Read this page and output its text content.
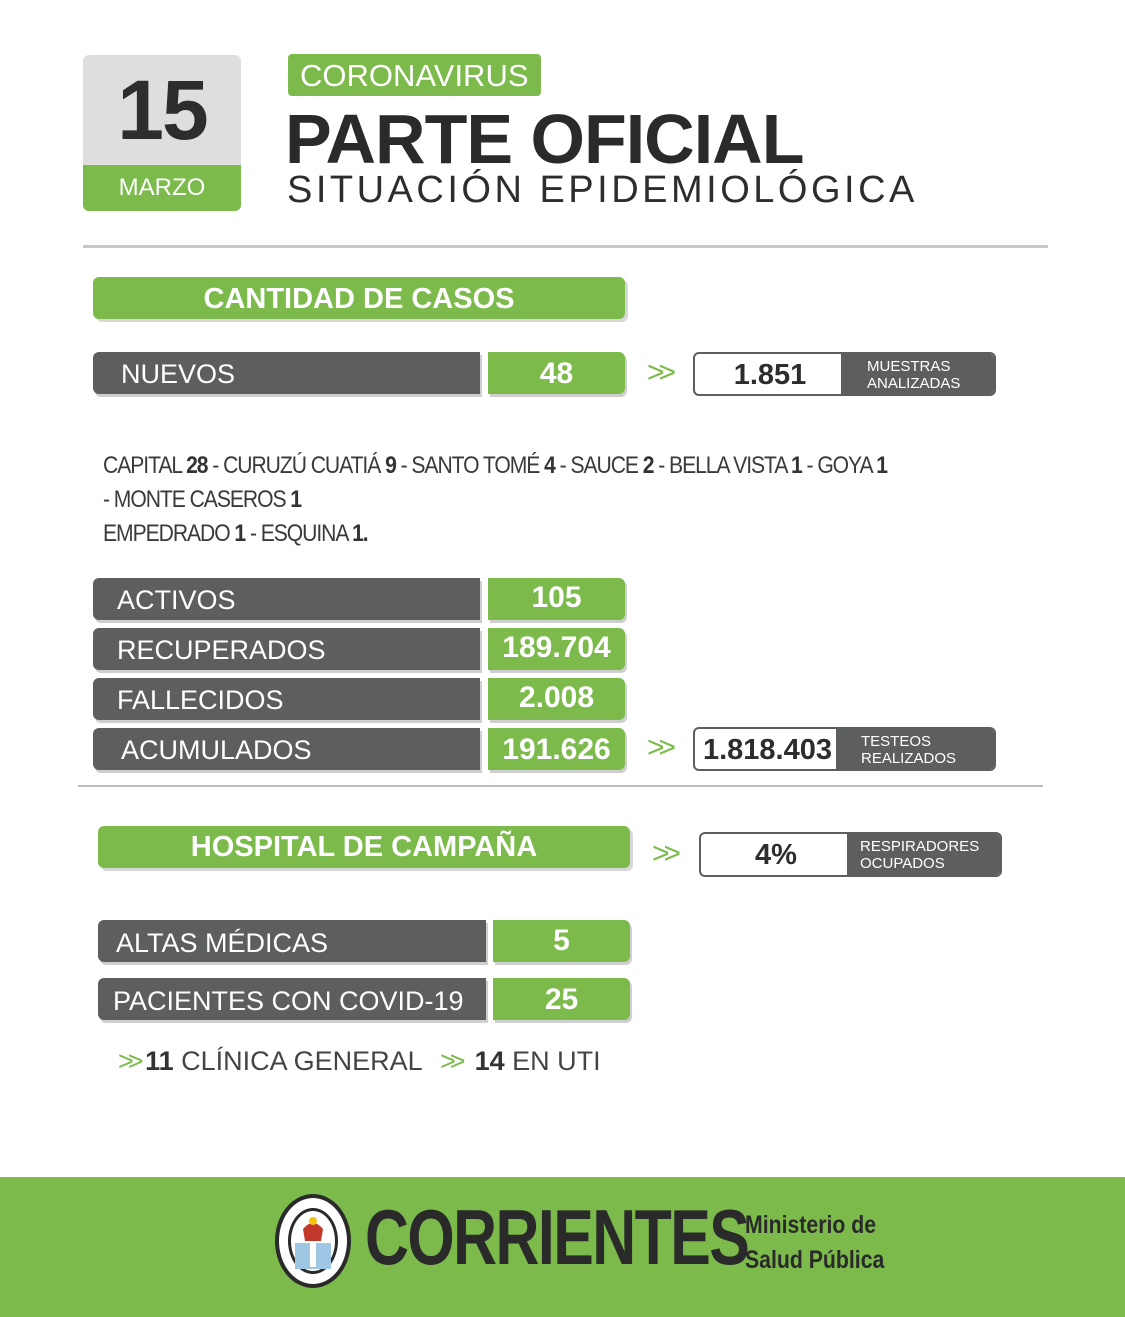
15
MARZO
CORONAVIRUS
PARTE OFICIAL
SITUACIÓN EPIDEMIOLÓGICA
CANTIDAD DE CASOS
NUEVOS	48	>>	1.851	MUESTRAS
ANALIZADAS
CAPITAL 28 - CURUZÚ CUATIÁ 9 - SANTO TOMÉ 4 - SAUCE 2 - BELLA VISTA 1 - GOYA 1 - MONTE CASEROS 1
EMPEDRADO 1 - ESQUINA 1.
ACTIVOS	105
RECUPERADOS	189.704
FALLECIDOS	2.008
ACUMULADOS	191.626	>> 1.818.403	TESTEOS
REALIZADOS
HOSPITAL DE CAMPAÑA	>>	4%	RESPIRADORES
OCUPADOS
ALTAS MÉDICAS	5
PACIENTES CON COVID-19	25
>> 11 CLÍNICA GENERAL >> 14 EN UTI
CORRIENTES
Ministerio de
Salud Pública
